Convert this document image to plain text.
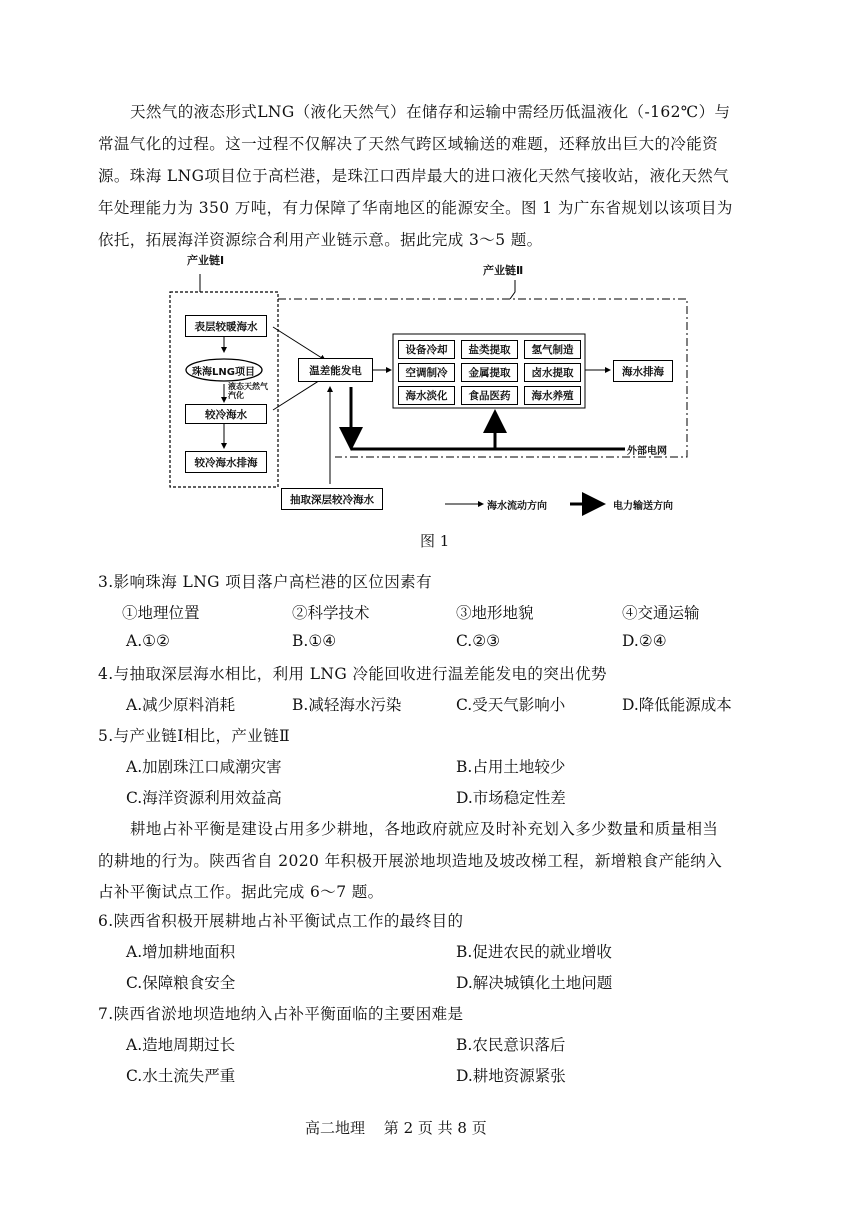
天然气的液态形式LNG（液化天然气）在储存和运输中需经历低温液化（-162℃）与
常温气化的过程。这一过程不仅解决了天然气跨区域输送的难题，还释放出巨大的冷能资
源。珠海 LNG项目位于高栏港，是珠江口西岸最大的进口液化天然气接收站，液化天然气
年处理能力为 350 万吨，有力保障了华南地区的能源安全。图 1 为广东省规划以该项目为
依托，拓展海洋资源综合利用产业链示意。据此完成 3～5 题。
产业链Ⅰ
产业链Ⅱ
表层较暖海水
珠海LNG项目
液态天然气汽化
较冷海水
较冷海水排海
温差能发电
设备冷却	盐类提取	氢气制造
空调制冷	金属提取	卤水提取
海水淡化	食品医药	海水养殖
海水排海
外部电网
抽取深层较冷海水
海水流动方向	电力输送方向
图 1
3.影响珠海 LNG 项目落户高栏港的区位因素有
①地理位置	②科学技术	③地形地貌	④交通运输
A.①②	B.①④	C.②③	D.②④
4.与抽取深层海水相比，利用 LNG 冷能回收进行温差能发电的突出优势
A.减少原料消耗	B.减轻海水污染	C.受天气影响小	D.降低能源成本
5.与产业链Ⅰ相比，产业链Ⅱ
A.加剧珠江口咸潮灾害	B.占用土地较少
C.海洋资源利用效益高	D.市场稳定性差
耕地占补平衡是建设占用多少耕地，各地政府就应及时补充划入多少数量和质量相当
的耕地的行为。陕西省自 2020 年积极开展淤地坝造地及坡改梯工程，新增粮食产能纳入
占补平衡试点工作。据此完成 6～7 题。
6.陕西省积极开展耕地占补平衡试点工作的最终目的
A.增加耕地面积	B.促进农民的就业增收
C.保障粮食安全	D.解决城镇化土地问题
7.陕西省淤地坝造地纳入占补平衡面临的主要困难是
A.造地周期过长	B.农民意识落后
C.水土流失严重	D.耕地资源紧张
高二地理 第 2 页 共 8 页
